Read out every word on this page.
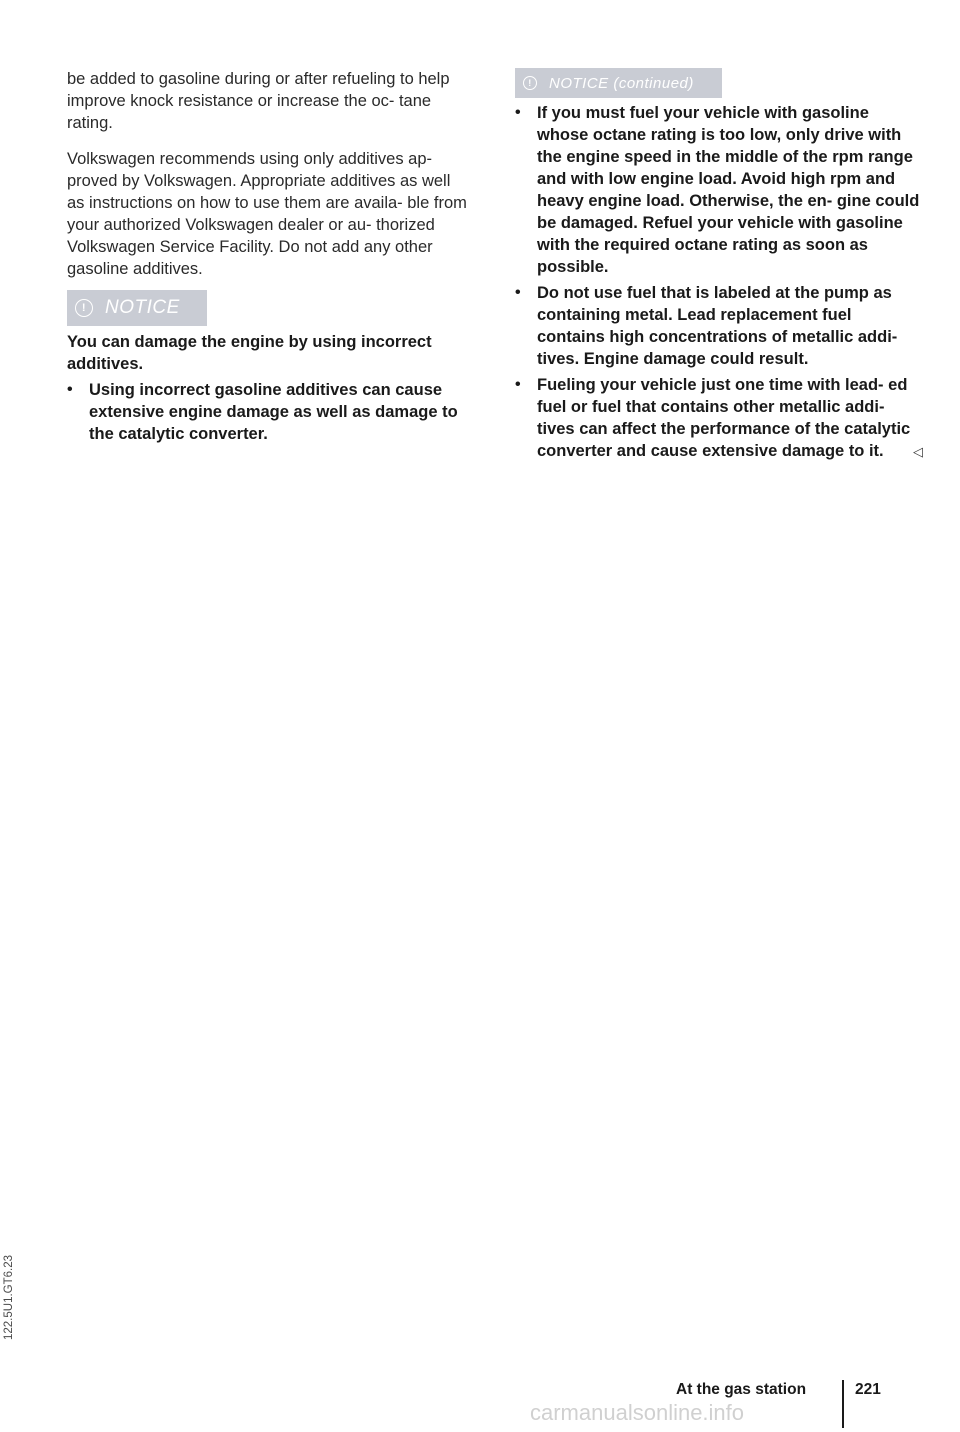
be added to gasoline during or after refueling to help improve knock resistance or increase the oc- tane rating.

Volkswagen recommends using only additives ap- proved by Volkswagen. Appropriate additives as well as instructions on how to use them are availa- ble from your authorized Volkswagen dealer or au- thorized Volkswagen Service Facility. Do not add any other gasoline additives.

! NOTICE

You can damage the engine by using incorrect additives.

• Using incorrect gasoline additives can cause extensive engine damage as well as damage to the catalytic converter.

!	NOTICE (continued)

• If you must fuel your vehicle with gasoline whose octane rating is too low, only drive with the engine speed in the middle of the rpm range and with low engine load. Avoid high rpm and heavy engine load. Otherwise, the en- gine could be damaged. Refuel your vehicle with gasoline with the required octane rating as soon as possible.

• Do not use fuel that is labeled at the pump as containing metal. Lead replacement fuel contains high concentrations of metallic addi- tives. Engine damage could result.

• Fueling your vehicle just one time with lead- ed fuel or fuel that contains other metallic addi- tives can affect the performance of the catalytic converter and cause extensive damage to it.	◁
At the gas station	221
122.5U1.GT6.23
carmanualsonline.info
